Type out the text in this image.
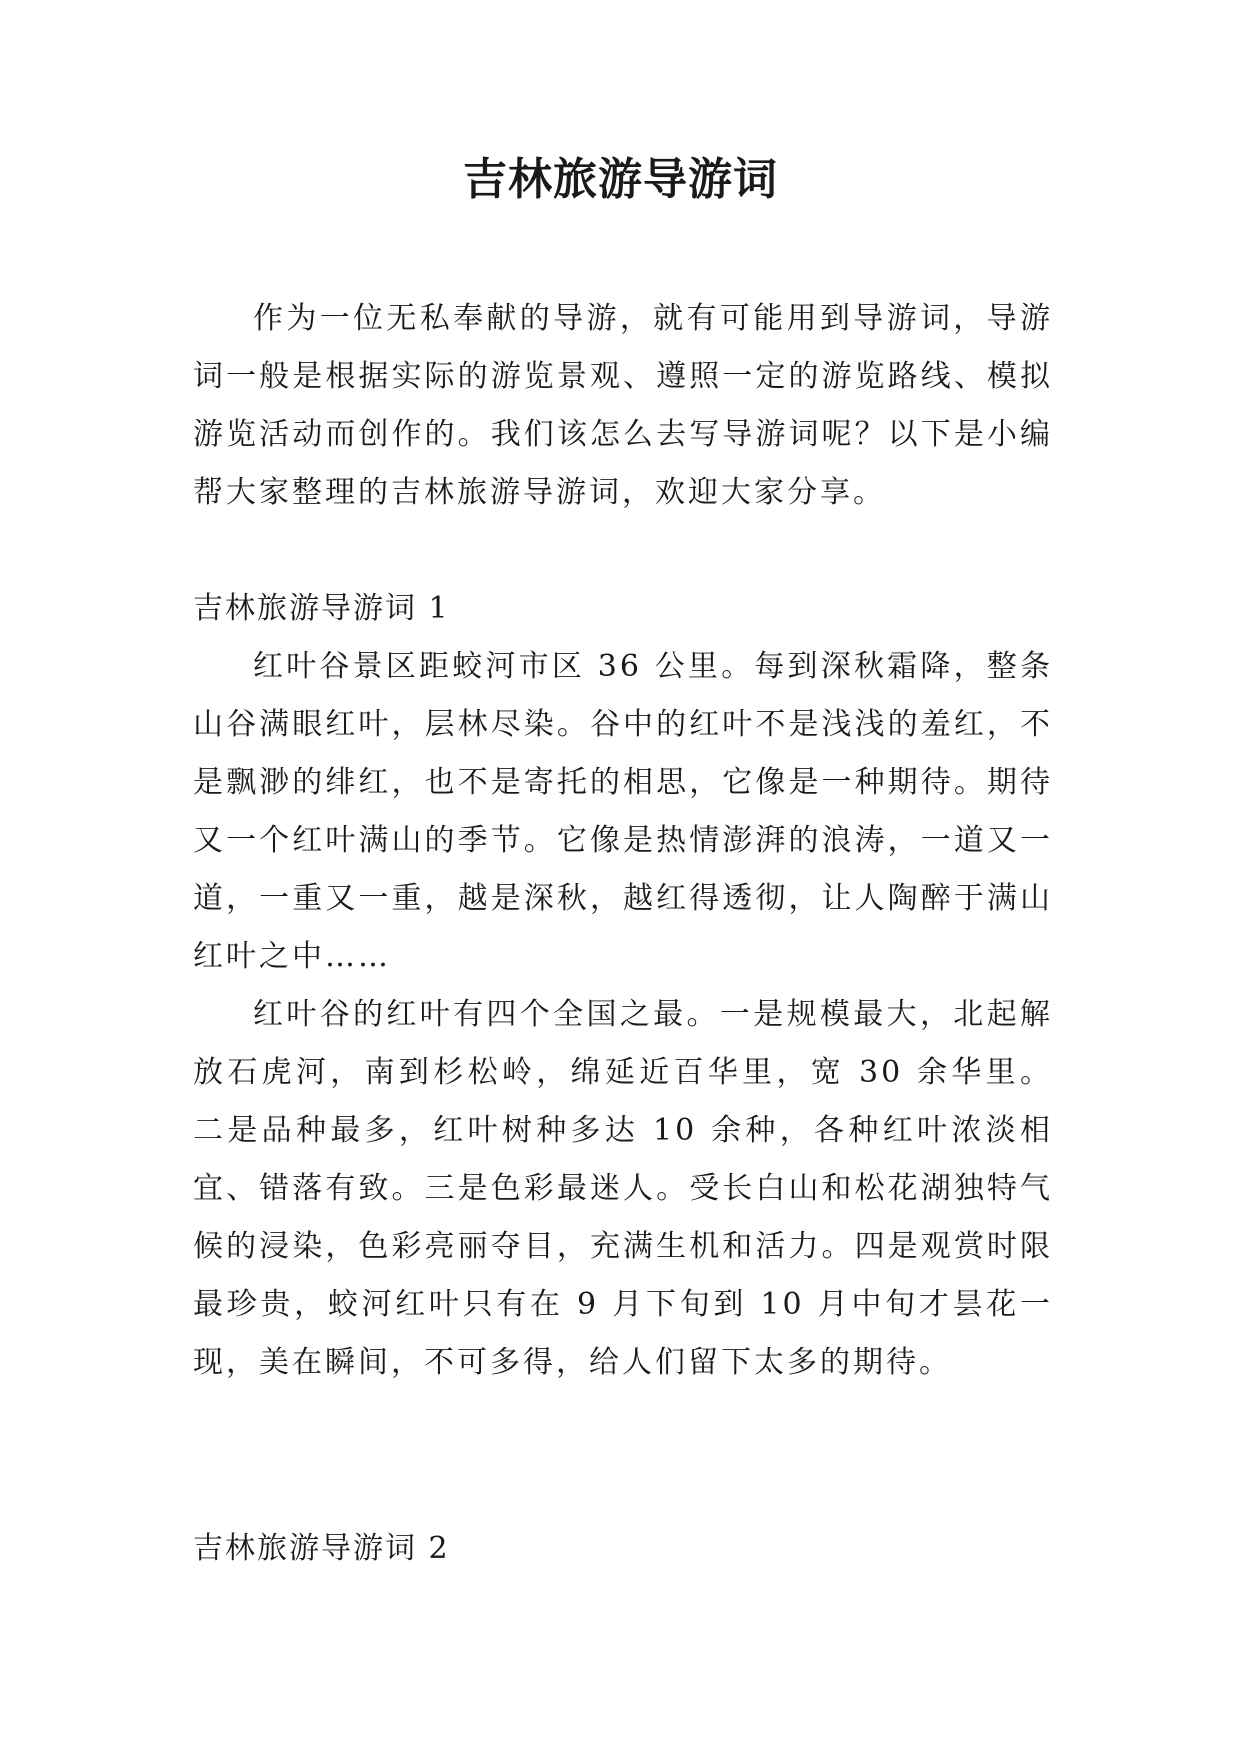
吉林旅游导游词

作为一位无私奉献的导游，就有可能用到导游词，导游词一般是根据实际的游览景观、遵照一定的游览路线、模拟游览活动而创作的。我们该怎么去写导游词呢？以下是小编帮大家整理的吉林旅游导游词，欢迎大家分享。

吉林旅游导游词 1

红叶谷景区距蛟河市区 36 公里。每到深秋霜降，整条山谷满眼红叶，层林尽染。谷中的红叶不是浅浅的羞红，不是飘渺的绯红，也不是寄托的相思，它像是一种期待。期待又一个红叶满山的季节。它像是热情澎湃的浪涛，一道又一道，一重又一重，越是深秋，越红得透彻，让人陶醉于满山红叶之中……

红叶谷的红叶有四个全国之最。一是规模最大，北起解放石虎河，南到杉松岭，绵延近百华里，宽 30 余华里。二是品种最多，红叶树种多达 10 余种，各种红叶浓淡相宜、错落有致。三是色彩最迷人。受长白山和松花湖独特气候的浸染，色彩亮丽夺目，充满生机和活力。四是观赏时限最珍贵，蛟河红叶只有在 9 月下旬到 10 月中旬才昙花一现，美在瞬间，不可多得，给人们留下太多的期待。

吉林旅游导游词 2
